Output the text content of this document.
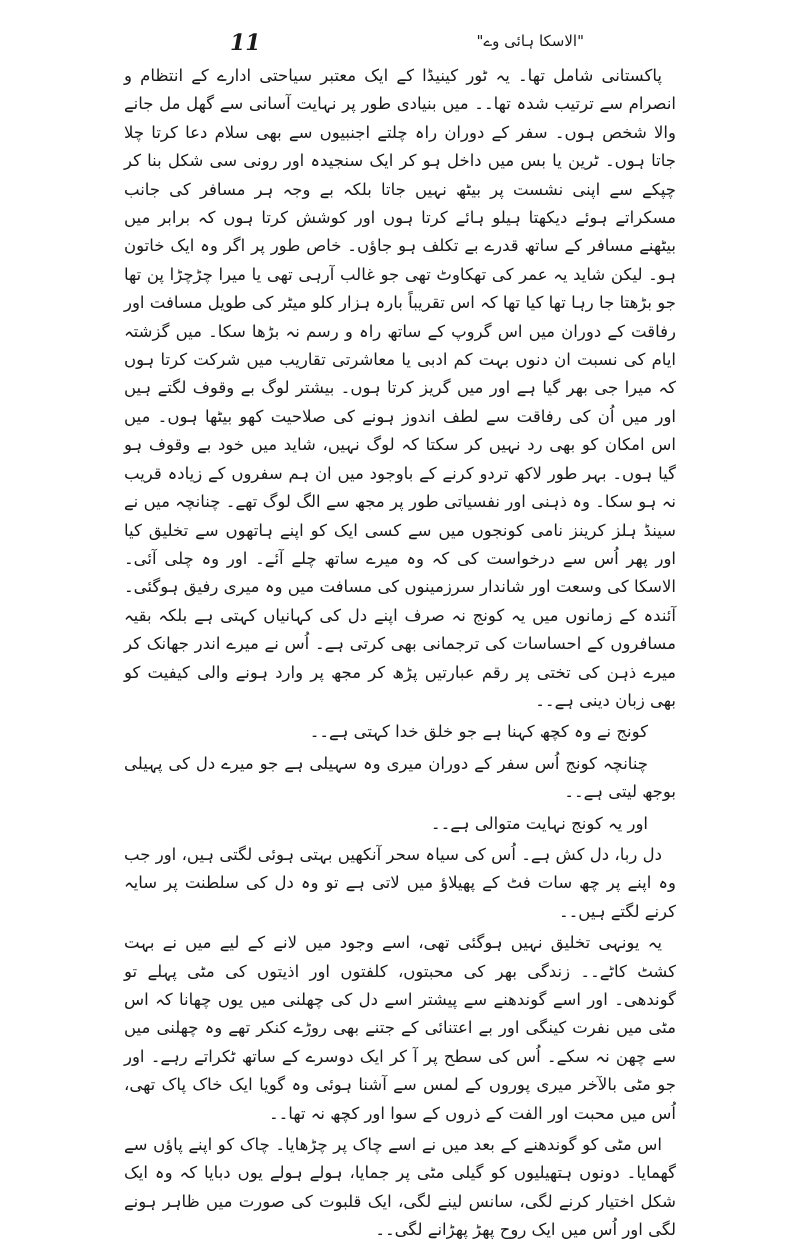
11	"الاسکا ہائی وے"

پاکستانی شامل تھا۔ یہ ٹور کینیڈا کے ایک معتبر سیاحتی ادارے کے انتظام و انصرام سے ترتیب شدہ تھا۔۔ میں بنیادی طور پر نہایت آسانی سے گھل مل جانے والا شخص ہوں۔ سفر کے دوران راہ چلتے اجنبیوں سے بھی سلام دعا کرتا چلا جاتا ہوں۔ ٹرین یا بس میں داخل ہو کر ایک سنجیدہ اور رونی سی شکل بنا کر چپکے سے اپنی نشست پر بیٹھ نہیں جاتا بلکہ بے وجہ ہر مسافر کی جانب مسکراتے ہوئے دیکھتا ہیلو ہائے کرتا ہوں اور کوشش کرتا ہوں کہ برابر میں بیٹھنے مسافر کے ساتھ قدرے بے تکلف ہو جاؤں۔ خاص طور پر اگر وہ ایک خاتون ہو۔ لیکن شاید یہ عمر کی تھکاوٹ تھی جو غالب آرہی تھی یا میرا چڑچڑا پن تھا جو بڑھتا جا رہا تھا کیا تھا کہ اس تقریباً بارہ ہزار کلو میٹر کی طویل مسافت اور رفاقت کے دوران میں اس گروپ کے ساتھ راہ و رسم نہ بڑھا سکا۔ میں گزشتہ ایام کی نسبت ان دنوں بہت کم ادبی یا معاشرتی تقاریب میں شرکت کرتا ہوں کہ میرا جی بھر گیا ہے اور میں گریز کرتا ہوں۔ بیشتر لوگ بے وقوف لگتے ہیں اور میں اُن کی رفاقت سے لطف اندوز ہونے کی صلاحیت کھو بیٹھا ہوں۔ میں اس امکان کو بھی رد نہیں کر سکتا کہ لوگ نہیں، شاید میں خود بے وقوف ہو گیا ہوں۔ بہر طور لاکھ تردو کرنے کے باوجود میں ان ہم سفروں کے زیادہ قریب نہ ہو سکا۔ وہ ذہنی اور نفسیاتی طور پر مجھ سے الگ لوگ تھے۔ چنانچہ میں نے سینڈ ہلز کرینز نامی کونجوں میں سے کسی ایک کو اپنے ہاتھوں سے تخلیق کیا اور پھر اُس سے درخواست کی کہ وہ میرے ساتھ چلے آئے۔ اور وہ چلی آئی۔ الاسکا کی وسعت اور شاندار سرزمینوں کی مسافت میں وہ میری رفیق ہوگئی۔ آئندہ کے زمانوں میں یہ کونج نہ صرف اپنے دل کی کہانیاں کہتی ہے بلکہ بقیہ مسافروں کے احساسات کی ترجمانی بھی کرتی ہے۔ اُس نے میرے اندر جھانک کر میرے ذہن کی تختی پر رقم عبارتیں پڑھ کر مجھ پر وارد ہونے والی کیفیت کو بھی زبان دینی ہے۔۔

کونج نے وہ کچھ کہنا ہے جو خلق خدا کہتی ہے۔۔

چنانچہ کونج اُس سفر کے دوران میری وہ سہیلی ہے جو میرے دل کی پہیلی بوجھ لیتی ہے۔۔

اور یہ کونج نہایت متوالی ہے۔۔

دل ربا، دل کش ہے۔ اُس کی سیاہ سحر آنکھیں بہتی ہوئی لگتی ہیں، اور جب وہ اپنے پر چھ سات فٹ کے پھیلاؤ میں لاتی ہے تو وہ دل کی سلطنت پر سایہ کرنے لگتے ہیں۔۔

یہ یونہی تخلیق نہیں ہوگئی تھی، اسے وجود میں لانے کے لیے میں نے بہت کشٹ کاٹے۔۔ زندگی بھر کی محبتوں، کلفتوں اور اذیتوں کی مٹی پہلے تو گوندھی۔ اور اسے گوندھنے سے پیشتر اسے دل کی چھلنی میں یوں چھانا کہ اس مٹی میں نفرت کینگی اور بے اعتنائی کے جتنے بھی روڑے کنکر تھے وہ چھلنی میں سے چھن نہ سکے۔ اُس کی سطح پر آ کر ایک دوسرے کے ساتھ ٹکراتے رہے۔ اور جو مٹی بالآخر میری پوروں کے لمس سے آشنا ہوئی وہ گویا ایک خاک پاک تھی، اُس میں محبت اور الفت کے ذروں کے سوا اور کچھ نہ تھا۔۔

اس مٹی کو گوندھنے کے بعد میں نے اسے چاک پر چڑھایا۔ چاک کو اپنے پاؤں سے گھمایا۔ دونوں ہتھیلیوں کو گیلی مٹی پر جمایا، ہولے ہولے یوں دبایا کہ وہ ایک شکل اختیار کرنے لگی، سانس لینے لگی، ایک قلبوت کی صورت میں ظاہر ہونے لگی اور اُس میں ایک روح پھڑ پھڑانے لگی۔۔
